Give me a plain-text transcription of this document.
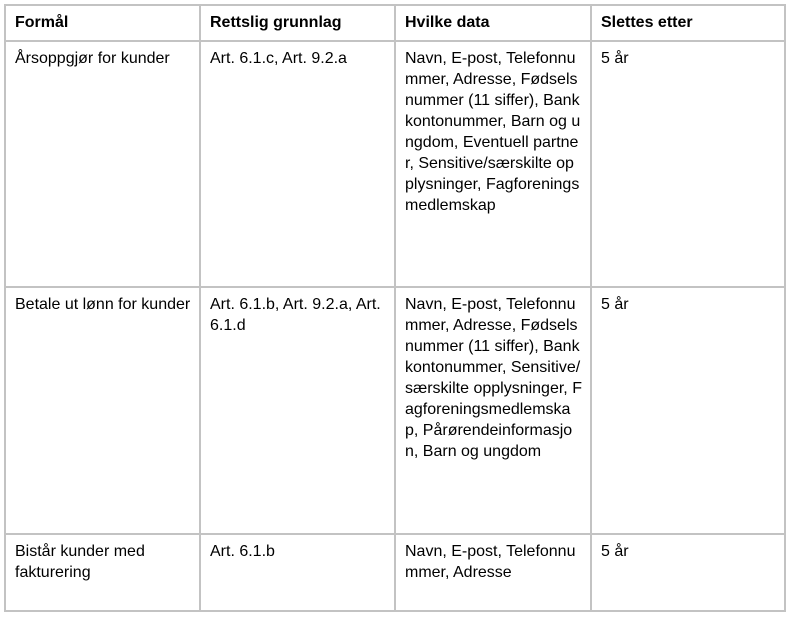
Formål	Rettslig grunnlag	Hvilke data	Slettes etter
Årsoppgjør for kunder	Art. 6.1.c, Art. 9.2.a	Navn, E-post, Telefonnummer, Adresse, Fødselsnummer (11 siffer), Bankkontonummer, Barn og ungdom, Eventuell partner, Sensitive/særskilte opplysninger, Fagforeningsmedlemskap	5 år
Betale ut lønn for kunder	Art. 6.1.b, Art. 9.2.a, Art. 6.1.d	Navn, E-post, Telefonnummer, Adresse, Fødselsnummer (11 siffer), Bankkontonummer, Sensitive/særskilte opplysninger, Fagforeningsmedlemskap, Pårørendeinformasjon, Barn og ungdom	5 år
Bistår kunder med fakturering	Art. 6.1.b	Navn, E-post, Telefonnummer, Adresse	5 år
